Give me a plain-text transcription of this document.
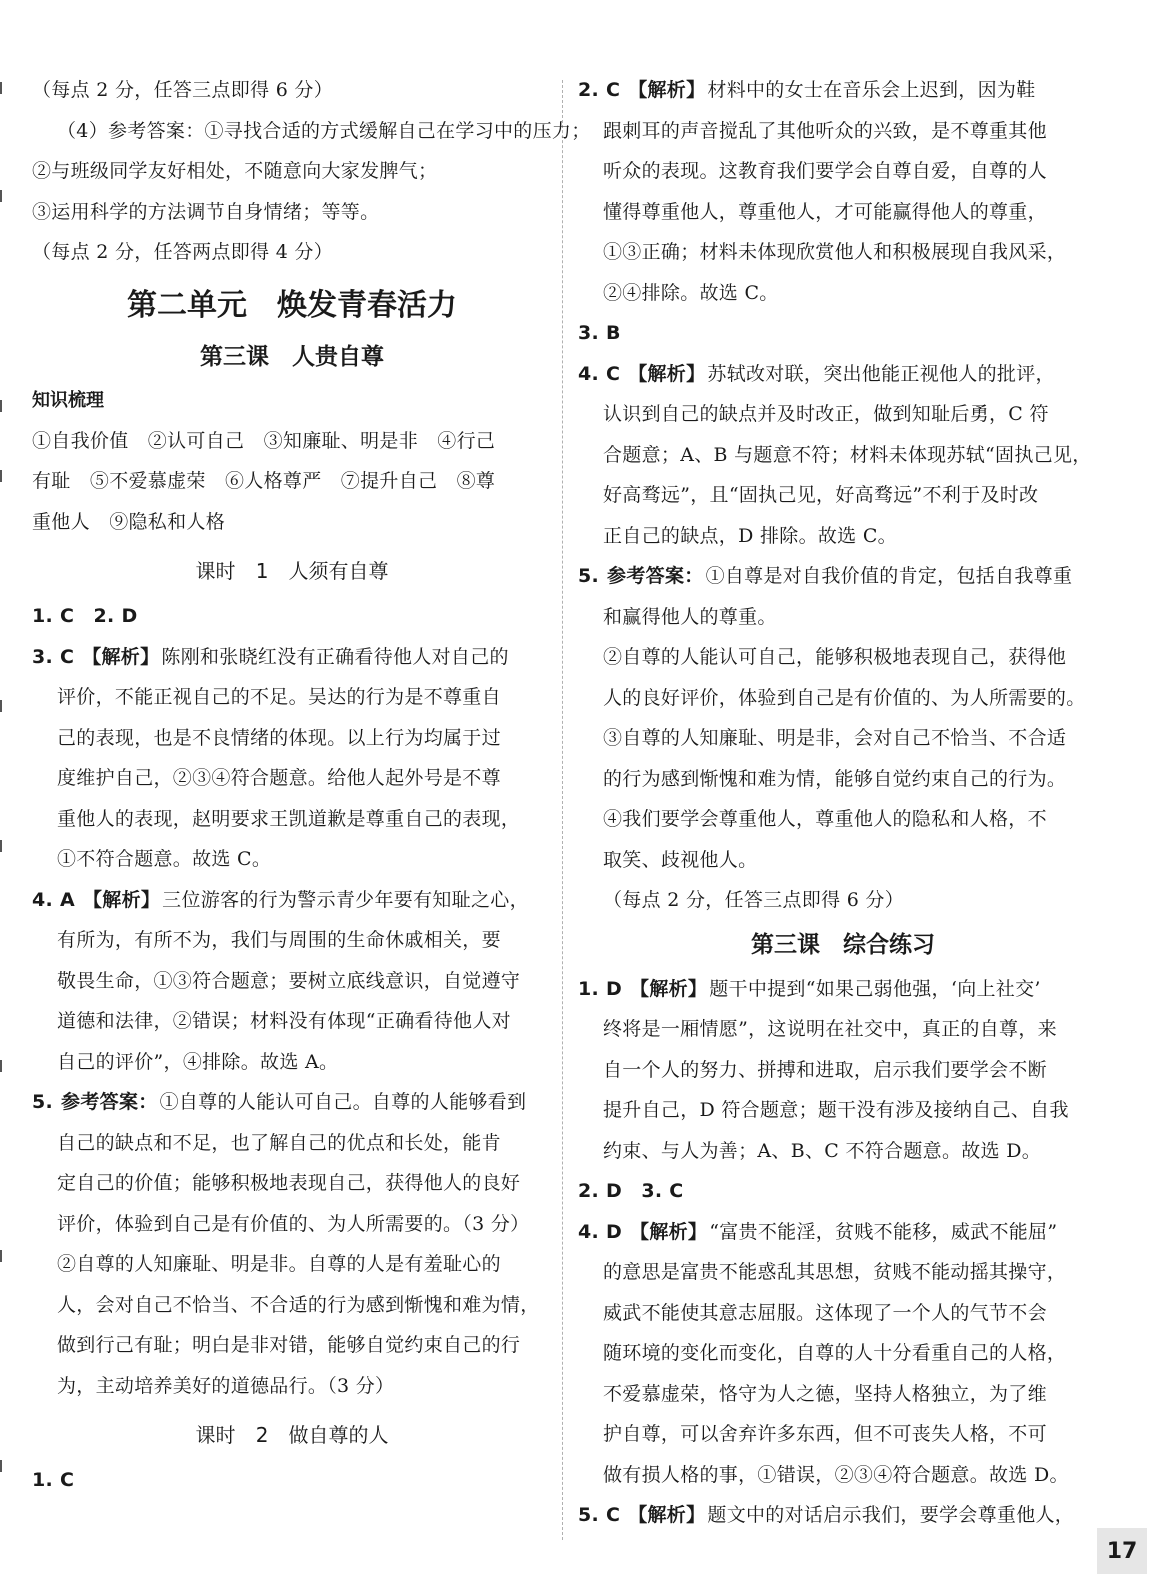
（每点 2 分，任答三点即得 6 分）
（4）参考答案：①寻找合适的方式缓解自己在学习中的压力；
②与班级同学友好相处，不随意向大家发脾气；
③运用科学的方法调节自身情绪；等等。
（每点 2 分，任答两点即得 4 分）
第二单元　焕发青春活力
第三课　人贵自尊
知识梳理
①自我价值　②认可自己　③知廉耻、明是非　④行己
有耻　⑤不爱慕虚荣　⑥人格尊严　⑦提升自己　⑧尊
重他人　⑨隐私和人格
课时 1　人须有自尊
1. C　2. D
3. C 【解析】 陈刚和张晓红没有正确看待他人对自己的
评价，不能正视自己的不足。吴达的行为是不尊重自
己的表现，也是不良情绪的体现。以上行为均属于过
度维护自己，②③④符合题意。给他人起外号是不尊
重他人的表现，赵明要求王凯道歉是尊重自己的表现，
①不符合题意。故选 C。
4. A 【解析】 三位游客的行为警示青少年要有知耻之心，
有所为，有所不为，我们与周围的生命休戚相关，要
敬畏生命，①③符合题意；要树立底线意识，自觉遵守
道德和法律，②错误；材料没有体现“正确看待他人对
自己的评价”，④排除。故选 A。
5. 参考答案： ①自尊的人能认可自己。自尊的人能够看到
自己的缺点和不足，也了解自己的优点和长处，能肯
定自己的价值；能够积极地表现自己，获得他人的良好
评价，体验到自己是有价值的、为人所需要的。（3 分）
②自尊的人知廉耻、明是非。自尊的人是有羞耻心的
人，会对自己不恰当、不合适的行为感到惭愧和难为情，
做到行己有耻；明白是非对错，能够自觉约束自己的行
为，主动培养美好的道德品行。（3 分）
课时 2　做自尊的人
1. C
2. C 【解析】 材料中的女士在音乐会上迟到，因为鞋
跟刺耳的声音搅乱了其他听众的兴致，是不尊重其他
听众的表现。这教育我们要学会自尊自爱，自尊的人
懂得尊重他人，尊重他人，才可能赢得他人的尊重，
①③正确；材料未体现欣赏他人和积极展现自我风采，
②④排除。故选 C。
3. B
4. C 【解析】 苏轼改对联，突出他能正视他人的批评，
认识到自己的缺点并及时改正，做到知耻后勇，C 符
合题意；A、B 与题意不符；材料未体现苏轼“固执己见，
好高骛远”，且“固执己见，好高骛远”不利于及时改
正自己的缺点，D 排除。故选 C。
5. 参考答案： ①自尊是对自我价值的肯定，包括自我尊重
和赢得他人的尊重。
②自尊的人能认可自己，能够积极地表现自己，获得他
人的良好评价，体验到自己是有价值的、为人所需要的。
③自尊的人知廉耻、明是非，会对自己不恰当、不合适
的行为感到惭愧和难为情，能够自觉约束自己的行为。
④我们要学会尊重他人，尊重他人的隐私和人格，不
取笑、歧视他人。
（每点 2 分，任答三点即得 6 分）
第三课　综合练习
1. D 【解析】 题干中提到“如果己弱他强，‘向上社交’
终将是一厢情愿”，这说明在社交中，真正的自尊，来
自一个人的努力、拼搏和进取，启示我们要学会不断
提升自己，D 符合题意；题干没有涉及接纳自己、自我
约束、与人为善；A、B、C 不符合题意。故选 D。
2. D　3. C
4. D 【解析】 “富贵不能淫，贫贱不能移，威武不能屈”
的意思是富贵不能惑乱其思想，贫贱不能动摇其操守，
威武不能使其意志屈服。这体现了一个人的气节不会
随环境的变化而变化，自尊的人十分看重自己的人格，
不爱慕虚荣，恪守为人之德，坚持人格独立，为了维
护自尊，可以舍弃许多东西，但不可丧失人格，不可
做有损人格的事，①错误，②③④符合题意。故选 D。
5. C 【解析】 题文中的对话启示我们，要学会尊重他人，
17
